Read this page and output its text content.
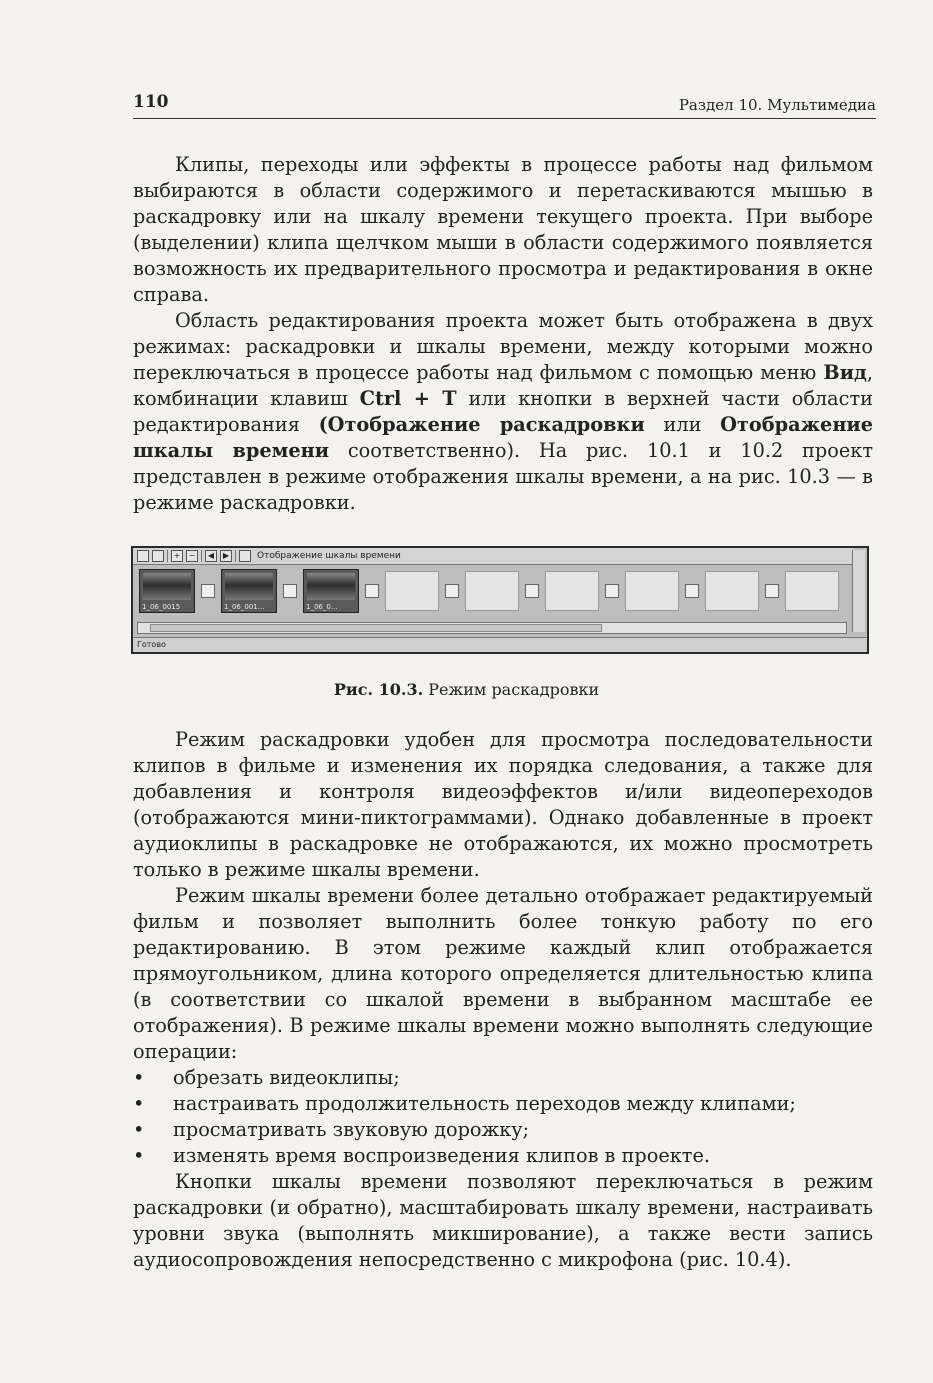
110	Раздел 10. Мультимедиа

Клипы, переходы или эффекты в процессе работы над фильмом выбираются в области содержимого и перетаскиваются мышью в раскадровку или на шкалу времени текущего проекта. При выборе (выделении) клипа щелчком мыши в области содержимого появляется возможность их предварительного просмотра и редактирования в окне справа.

Область редактирования проекта может быть отображена в двух режимах: раскадровки и шкалы времени, между которыми можно переключаться в процессе работы над фильмом с помощью меню Вид, комбинации клавиш Ctrl + T или кнопки в верхней части области редактирования (Отображение раскадровки или Отображение шкалы времени соответственно). На рис. 10.1 и 10.2 проект представлен в режиме отображения шкалы времени, а на рис. 10.3 — в режиме раскадровки.

+	−	◀	▶	Отображение шкалы времени
1_06_0015	1_06_001...	1_06_0...
Готово
Рис. 10.3. Режим раскадровки

Режим раскадровки удобен для просмотра последовательности клипов в фильме и изменения их порядка следования, а также для добавления и контроля видеоэффектов и/или видеопереходов (отображаются мини-пиктограммами). Однако добавленные в проект аудиоклипы в раскадровке не отображаются, их можно просмотреть только в режиме шкалы времени.

Режим шкалы времени более детально отображает редактируемый фильм и позволяет выполнить более тонкую работу по его редактированию. В этом режиме каждый клип отображается прямоугольником, длина которого определяется длительностью клипа (в соответствии со шкалой времени в выбранном масштабе ее отображения). В режиме шкалы времени можно выполнять следующие операции:

• обрезать видеоклипы;
• настраивать продолжительность переходов между клипами;
• просматривать звуковую дорожку;
• изменять время воспроизведения клипов в проекте.

Кнопки шкалы времени позволяют переключаться в режим раскадровки (и обратно), масштабировать шкалу времени, настраивать уровни звука (выполнять микширование), а также вести запись аудиосопровождения непосредственно с микрофона (рис. 10.4).
